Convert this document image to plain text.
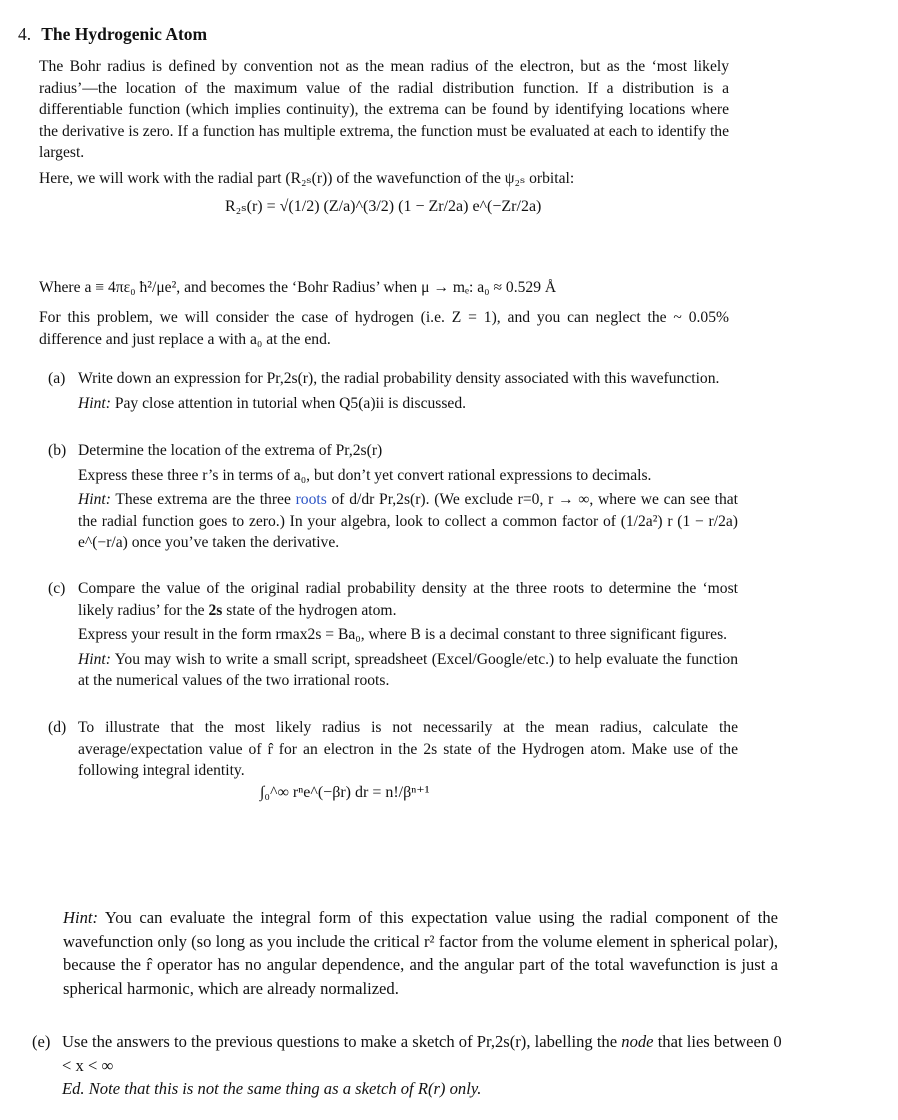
4. The Hydrogenic Atom
The Bohr radius is defined by convention not as the mean radius of the electron, but as the ‘most likely radius’—the location of the maximum value of the radial distribution function. If a distribution is a differentiable function (which implies continuity), the extrema can be found by identifying locations where the derivative is zero. If a function has multiple extrema, the function must be evaluated at each to identify the largest.
Here, we will work with the radial part (R₂ₛ(r)) of the wavefunction of the ψ₂ₛ orbital:
R₂ₛ(r) = √(1/2) (Z/a)^(3/2) (1 − Zr/2a) e^(−Zr/2a)
Where a ≡ 4πε₀ ħ²/μe², and becomes the ‘Bohr Radius’ when μ → mₑ: a₀ ≈ 0.529 Å
For this problem, we will consider the case of hydrogen (i.e. Z = 1), and you can neglect the ~ 0.05% difference and just replace a with a₀ at the end.
(a) Write down an expression for Pr,2s(r), the radial probability density associated with this wavefunction.

Hint: Pay close attention in tutorial when Q5(a)ii is discussed.

(b) Determine the location of the extrema of Pr,2s(r)

Express these three r’s in terms of a₀, but don’t yet convert rational expressions to decimals.

Hint: These extrema are the three roots of d/dr Pr,2s(r). (We exclude r=0, r → ∞, where we can see that the radial function goes to zero.) In your algebra, look to collect a common factor of (1/2a²) r (1 − r/2a) e^(−r/a) once you’ve taken the derivative.

(c) Compare the value of the original radial probability density at the three roots to determine the ‘most likely radius’ for the 2s state of the hydrogen atom.

Express your result in the form rmax2s = Ba₀, where B is a decimal constant to three significant figures.

Hint: You may wish to write a small script, spreadsheet (Excel/Google/etc.) to help evaluate the function at the numerical values of the two irrational roots.

(d) To illustrate that the most likely radius is not necessarily at the mean radius, calculate the average/expectation value of r̂ for an electron in the 2s state of the Hydrogen atom. Make use of the following integral identity.

∫₀^∞ rⁿe^(−βr) dr = n!/βⁿ⁺¹
Hint: You can evaluate the integral form of this expectation value using the radial component of the wavefunction only (so long as you include the critical r² factor from the volume element in spherical polar), because the r̂ operator has no angular dependence, and the angular part of the total wavefunction is just a spherical harmonic, which are already normalized.
(e) Use the answers to the previous questions to make a sketch of Pr,2s(r), labelling the node that lies between 0 < x < ∞

Ed. Note that this is not the same thing as a sketch of R(r) only.
